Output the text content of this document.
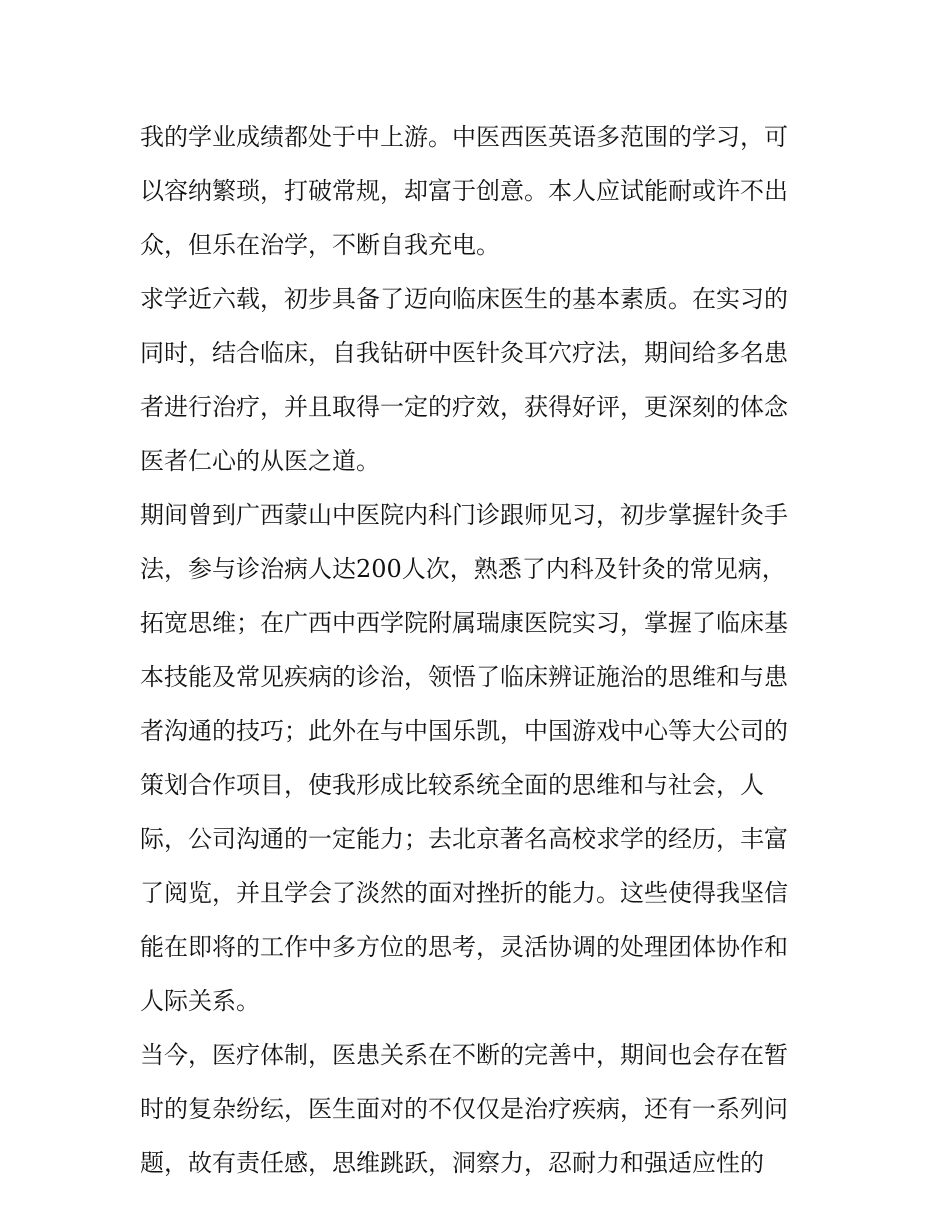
我的学业成绩都处于中上游。中医西医英语多范围的学习，可
以容纳繁琐，打破常规，却富于创意。本人应试能耐或许不出
众，但乐在治学，不断自我充电。
求学近六载，初步具备了迈向临床医生的基本素质。在实习的
同时，结合临床，自我钻研中医针灸耳穴疗法，期间给多名患
者进行治疗，并且取得一定的疗效，获得好评，更深刻的体念
医者仁心的从医之道。
期间曾到广西蒙山中医院内科门诊跟师见习，初步掌握针灸手
法，参与诊治病人达200人次，熟悉了内科及针灸的常见病，
拓宽思维；在广西中西学院附属瑞康医院实习，掌握了临床基
本技能及常见疾病的诊治，领悟了临床辨证施治的思维和与患
者沟通的技巧；此外在与中国乐凯，中国游戏中心等大公司的
策划合作项目，使我形成比较系统全面的思维和与社会，人
际，公司沟通的一定能力；去北京著名高校求学的经历，丰富
了阅览，并且学会了淡然的面对挫折的能力。这些使得我坚信
能在即将的工作中多方位的思考，灵活协调的处理团体协作和
人际关系。
当今，医疗体制，医患关系在不断的完善中，期间也会存在暂
时的复杂纷纭，医生面对的不仅仅是治疗疾病，还有一系列问
题，故有责任感，思维跳跃，洞察力，忍耐力和强适应性的
